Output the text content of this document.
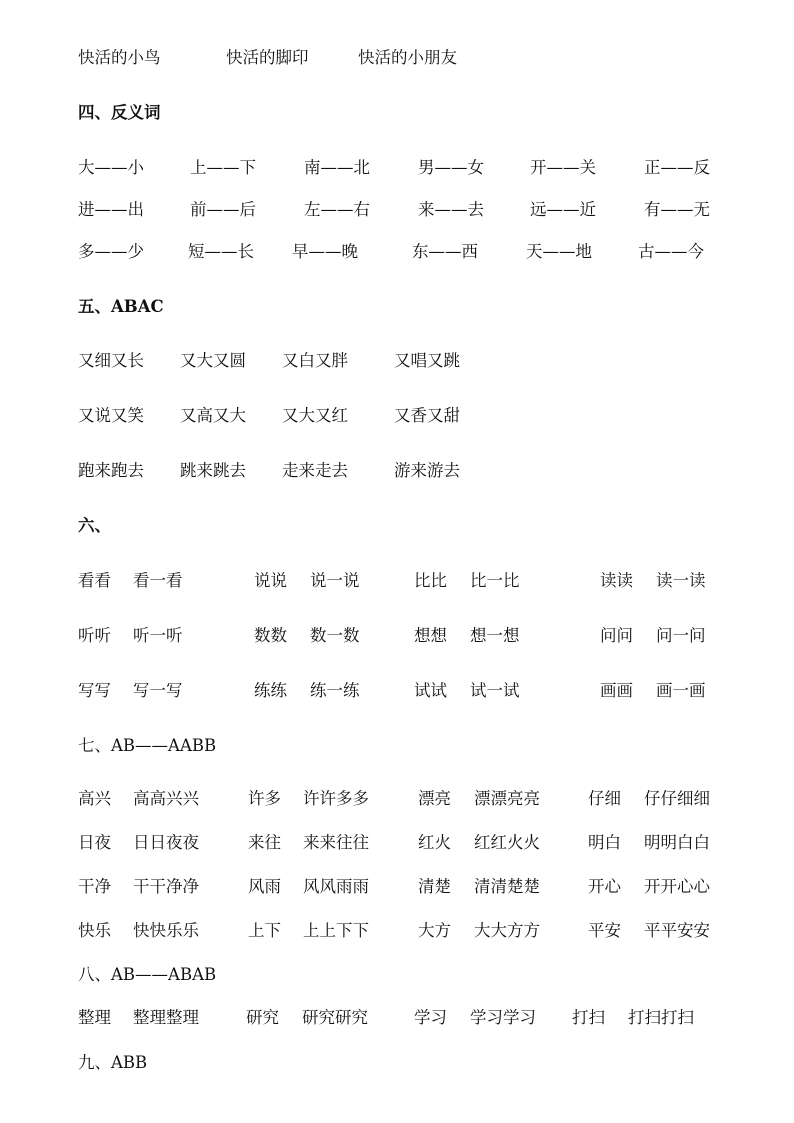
快活的小鸟	快活的脚印	快活的小朋友
四、反义词
大——小	上——下	南——北	男——女	开——关	正——反
进——出	前——后	左——右	来——去	远——近	有——无
多——少	短——长 早——晚	东——西	天——地	古——今
五、ABAC
又细又长 又大又圆 又白又胖	又唱又跳
又说又笑 又高又大 又大又红	又香又甜
跑来跑去 跳来跳去 走来走去	游来游去
六、
看看 看一看	说说 说一说	比比 比一比	读读 读一读
听听 听一听	数数 数一数	想想 想一想	问问 问一问
写写 写一写	练练 练一练	试试 试一试	画画 画一画
七、AB——AABB
高兴 高高兴兴	许多 许许多多	漂亮 漂漂亮亮	仔细 仔仔细细
日夜 日日夜夜	来往 来来往往	红火 红红火火	明白 明明白白
干净 干干净净	风雨 风风雨雨	清楚 清清楚楚	开心 开开心心
快乐 快快乐乐	上下 上上下下	大方 大大方方	平安 平平安安
八、AB——ABAB
整理 整理整理	研究 研究研究	学习 学习学习 打扫 打扫打扫
九、ABB
